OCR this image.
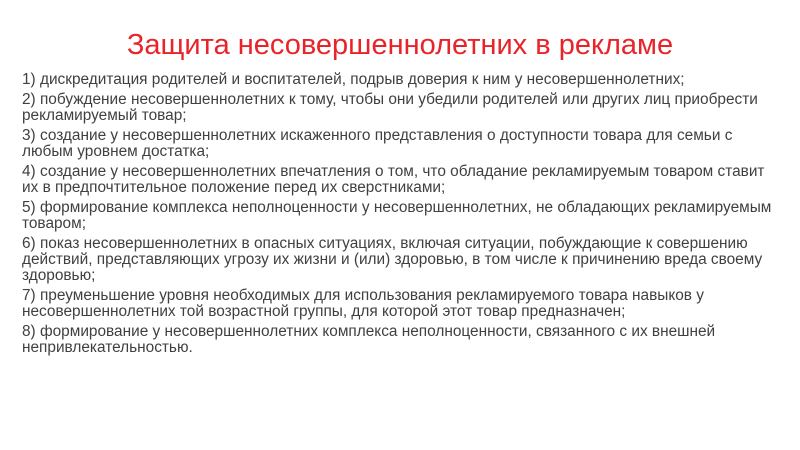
Защита несовершеннолетних в рекламе
1) дискредитация родителей и воспитателей, подрыв доверия к ним у несовершеннолетних;
2) побуждение несовершеннолетних к тому, чтобы они убедили родителей или других лиц приобрести рекламируемый товар;
3) создание у несовершеннолетних искаженного представления о доступности товара для семьи с любым уровнем достатка;
4) создание у несовершеннолетних впечатления о том, что обладание рекламируемым товаром ставит их в предпочтительное положение перед их сверстниками;
5) формирование комплекса неполноценности у несовершеннолетних, не обладающих рекламируемым товаром;
6) показ несовершеннолетних в опасных ситуациях, включая ситуации, побуждающие к совершению действий, представляющих угрозу их жизни и (или) здоровью, в том числе к причинению вреда своему здоровью;
7) преуменьшение уровня необходимых для использования рекламируемого товара навыков у несовершеннолетних той возрастной группы, для которой этот товар предназначен;
8) формирование у несовершеннолетних комплекса неполноценности, связанного с их внешней непривлекательностью.
